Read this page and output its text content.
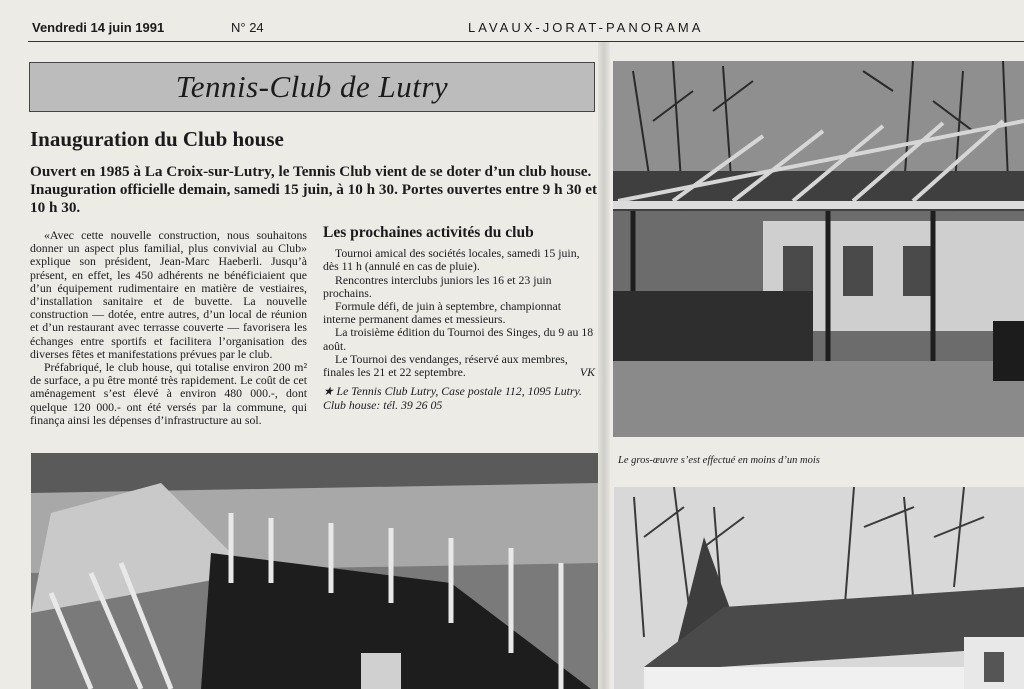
Vendredi 14 juin 1991	N° 24	LAVAUX-JORAT-PANORAMA
Tennis-Club de Lutry
Inauguration du Club house
Ouvert en 1985 à La Croix-sur-Lutry, le Tennis Club vient de se doter d’un club house. Inauguration officielle demain, samedi 15 juin, à 10 h 30. Portes ouvertes entre 9 h 30 et 10 h 30.

«Avec cette nouvelle construction, nous souhaitons donner un aspect plus familial, plus convivial au Club» explique son président, Jean-Marc Haeberli. Jusqu’à présent, en effet, les 450 adhérents ne bénéficiaient que d’un équipement rudimentaire en matière de vestiaires, d’installation sanitaire et de buvette. La nouvelle construction — dotée, entre autres, d’un local de réunion et d’un restaurant avec terrasse couverte — favorisera les échanges entre sportifs et facilitera l’organisation des diverses fêtes et manifestations prévues par le club.

Préfabriqué, le club house, qui totalise environ 200 m² de surface, a pu être monté très rapidement. Le coût de cet aménagement s’est élevé à environ 480 000.-, dont quelque 120 000.- ont été versés par la commune, qui finança ainsi les dépenses d’infrastructure au sol.

Les prochaines activités du club

Tournoi amical des sociétés locales, samedi 15 juin, dès 11 h (annulé en cas de pluie).

Rencontres interclubs juniors les 16 et 23 juin prochains.

Formule défi, de juin à septembre, championnat interne permanent dames et messieurs.

La troisième édition du Tournoi des Singes, du 9 au 18 août.

Le Tournoi des vendanges, réservé aux membres, finales les 21 et 22 septembre.	VK

★ Le Tennis Club Lutry, Case postale 112, 1095 Lutry. Club house: tél. 39 26 05

Le gros-œuvre s’est effectué en moins d’un mois
